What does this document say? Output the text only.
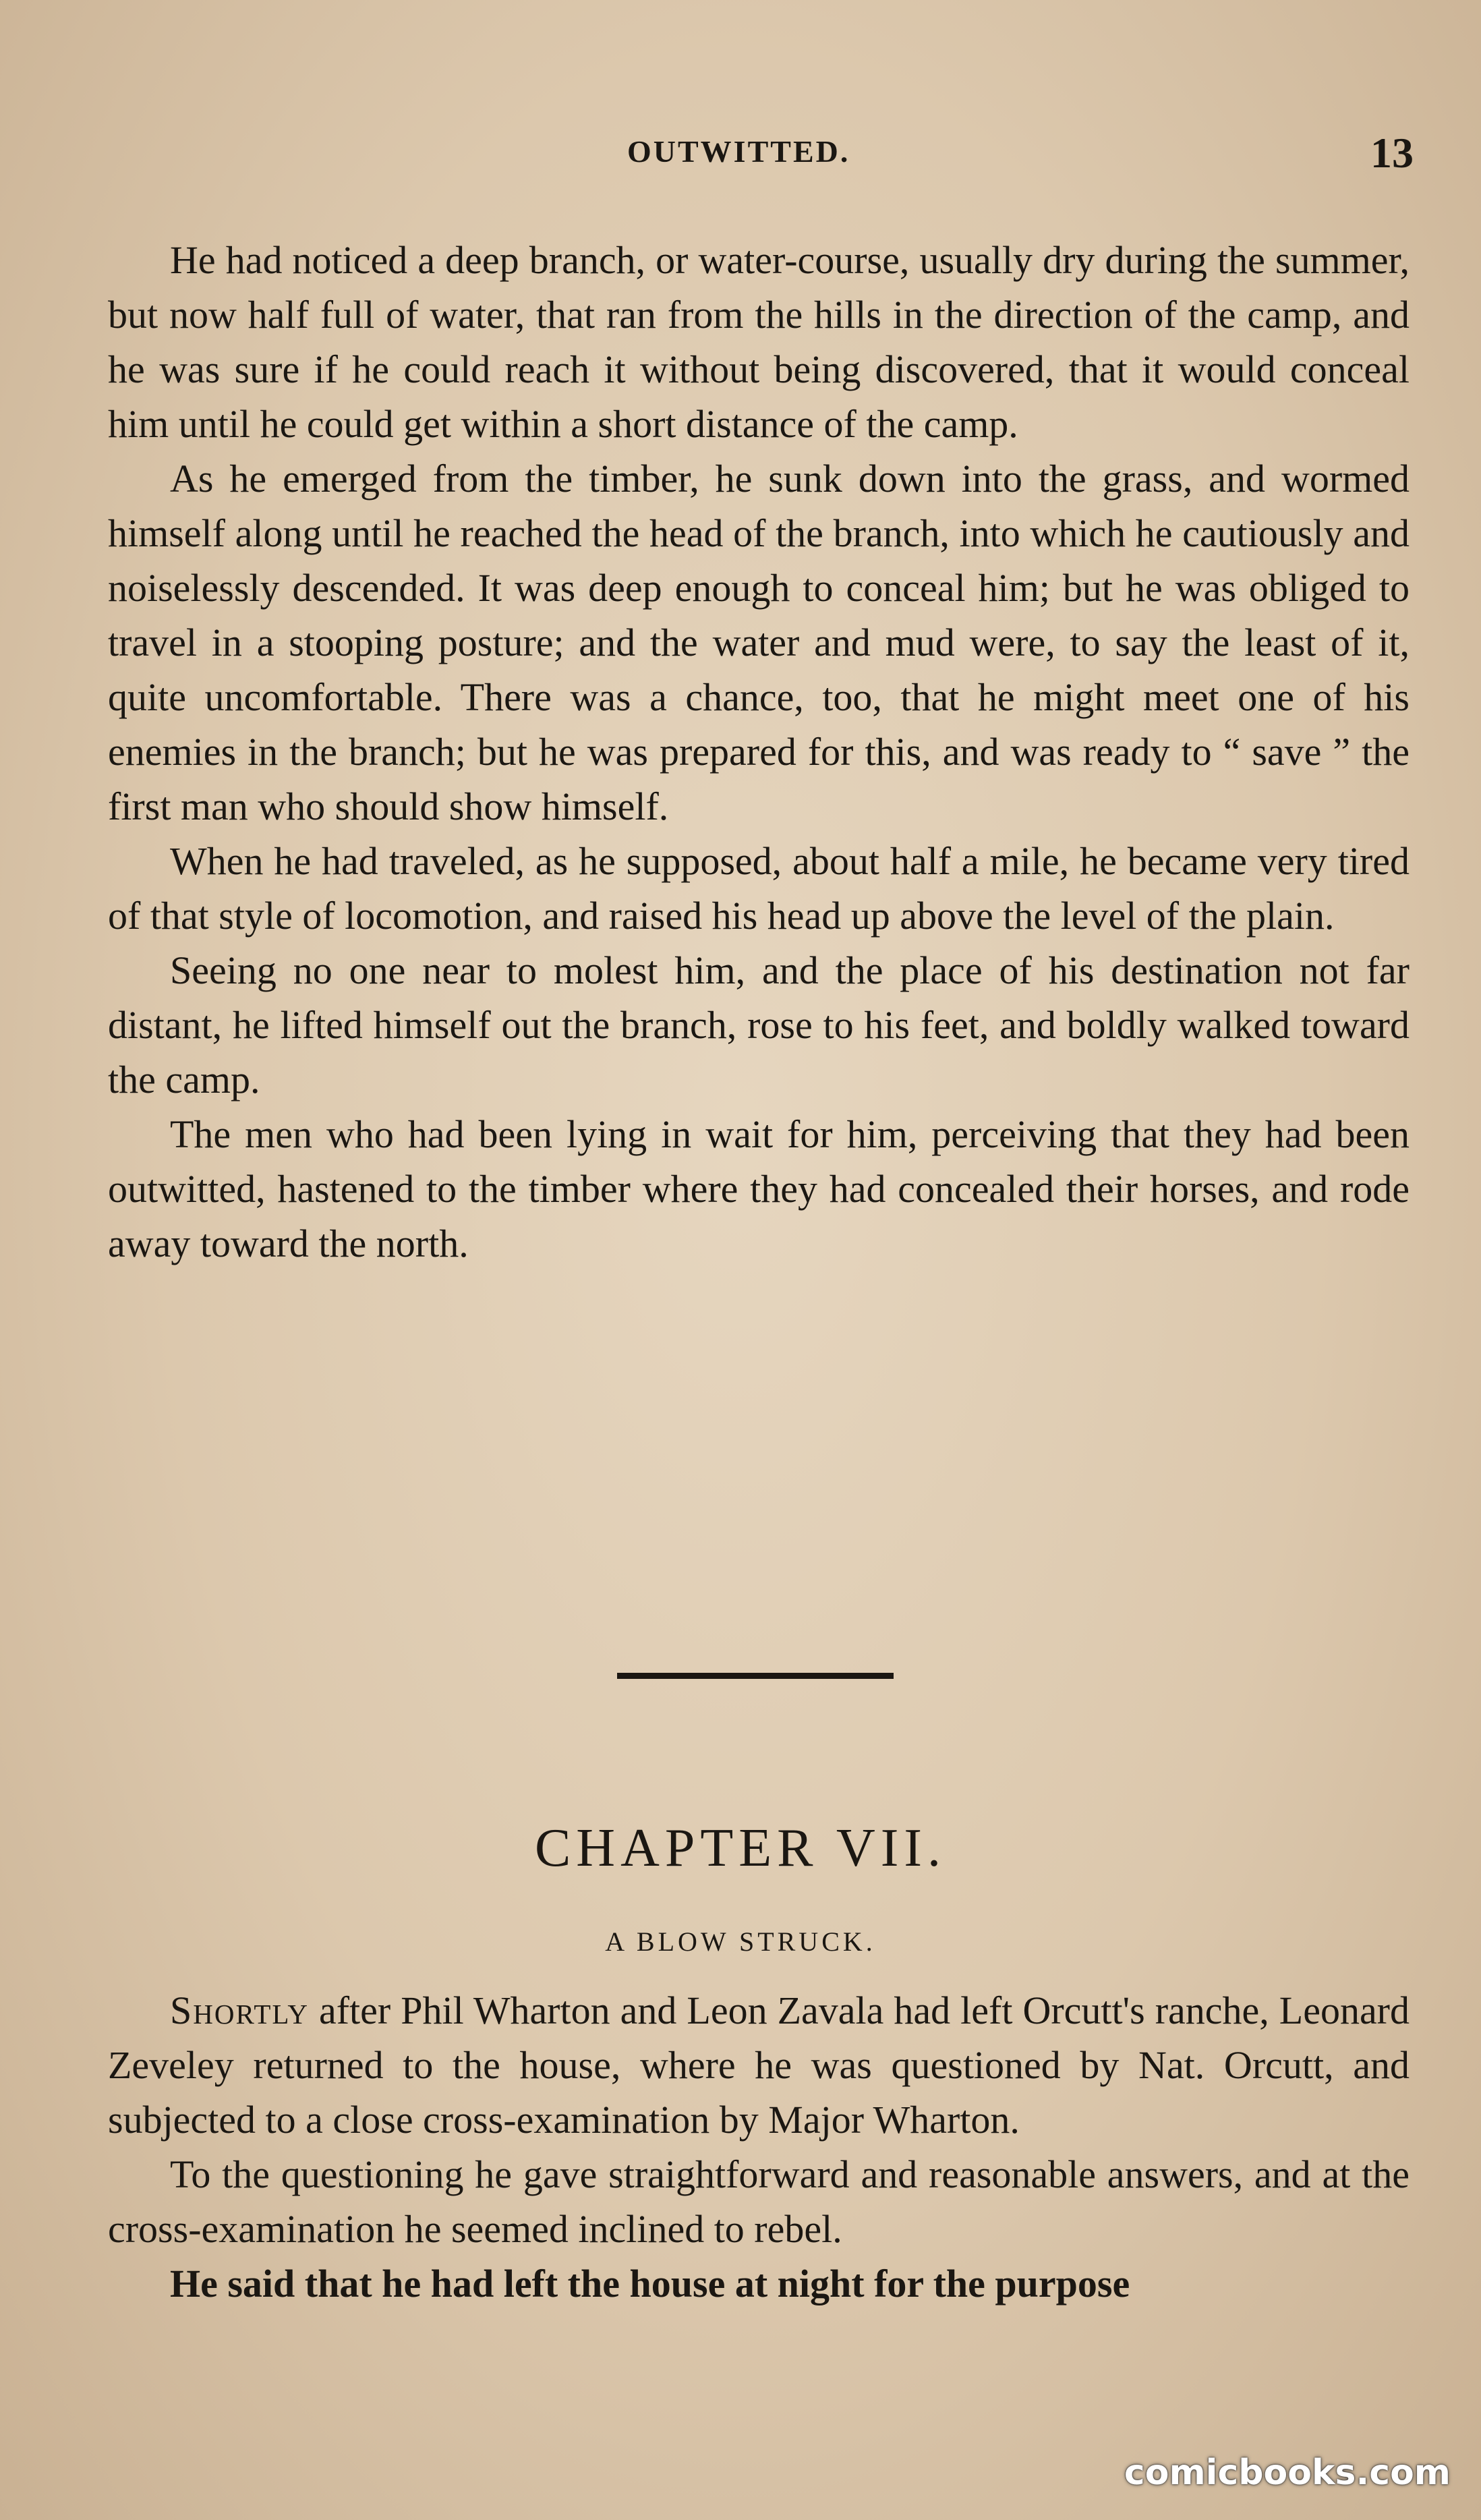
OUTWITTED.	13

He had noticed a deep branch, or water-course, usually dry during the summer, but now half full of water, that ran from the hills in the direction of the camp, and he was sure if he could reach it without being discovered, that it would conceal him until he could get within a short distance of the camp.

As he emerged from the timber, he sunk down into the grass, and wormed himself along until he reached the head of the branch, into which he cautiously and noiselessly descended. It was deep enough to conceal him; but he was obliged to travel in a stooping posture; and the water and mud were, to say the least of it, quite uncomfortable. There was a chance, too, that he might meet one of his enemies in the branch; but he was prepared for this, and was ready to “ save ” the first man who should show himself.

When he had traveled, as he supposed, about half a mile, he became very tired of that style of locomotion, and raised his head up above the level of the plain.

Seeing no one near to molest him, and the place of his destination not far distant, he lifted himself out the branch, rose to his feet, and boldly walked toward the camp.

The men who had been lying in wait for him, perceiving that they had been outwitted, hastened to the timber where they had concealed their horses, and rode away toward the north.

CHAPTER VII.
A BLOW STRUCK.

Shortly after Phil Wharton and Leon Zavala had left Orcutt's ranche, Leonard Zeveley returned to the house, where he was questioned by Nat. Orcutt, and subjected to a close cross-examination by Major Wharton.

To the questioning he gave straightforward and reasonable answers, and at the cross-examination he seemed inclined to rebel.

He said that he had left the house at night for the purpose

comicbooks.com
